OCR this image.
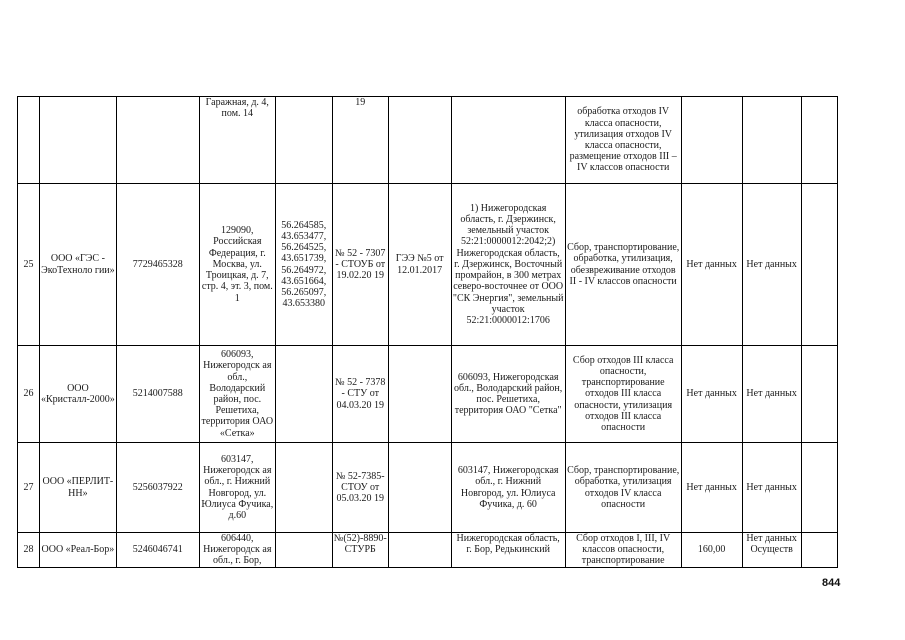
			Гаражная, д. 4, пом. 14		19			обработка отходов IV класса опасности, утилизация отходов IV класса опасности, размещение отходов III – IV классов опасности			
25	ООО «ГЭС - ЭкоТехноло гии»	7729465328	129090, Российская Федерация, г. Москва, ул. Троицкая, д. 7, стр. 4, эт. 3, пом. 1	56.264585, 43.653477, 56.264525, 43.651739, 56.264972, 43.651664, 56.265097, 43.653380	№ 52 - 7307 - СТОУБ от 19.02.20 19	ГЭЭ №5 от 12.01.2017	1) Нижегородская область, г. Дзержинск, земельный участок 52:21:0000012:2042;2) Нижегородская область, г. Дзержинск, Восточный промрайон, в 300 метрах северо-восточнее от ООО "СК Энергия", земельный участок 52:21:0000012:1706	Сбор, транспортирование, обработка, утилизация, обезвреживание отходов II - IV классов опасности	Нет данных	Нет данных	
26	ООО «Кристалл-2000»	5214007588	606093, Нижегородск ая обл., Володарский район, пос. Решетиха, территория ОАО «Сетка»		№ 52 - 7378 - СТУ от 04.03.20 19		606093, Нижегородская обл., Володарский район, пос. Решетиха, территория ОАО "Сетка"	Сбор отходов III класса опасности, транспортирование отходов III класса опасности, утилизация отходов III класса опасности	Нет данных	Нет данных	
27	ООО «ПЕРЛИТ-НН»	5256037922	603147, Нижегородск ая обл., г. Нижний Новгород, ул. Юлиуса Фучика, д.60		№ 52-7385-СТОУ от 05.03.20 19		603147, Нижегородская обл., г. Нижний Новгород, ул. Юлиуса Фучика, д. 60	Сбор, транспортирование, обработка, утилизация отходов IV класса опасности	Нет данных	Нет данных	
28	ООО «Реал-Бор»	5246046741	606440, Нижегородск ая обл., г. Бор,		№(52)-8890-СТУРБ		Нижегородская область, г. Бор, Редькинский	Сбор отходов I, III, IV классов опасности, транспортирование	160,00	Нет данных Осуществ	
844
